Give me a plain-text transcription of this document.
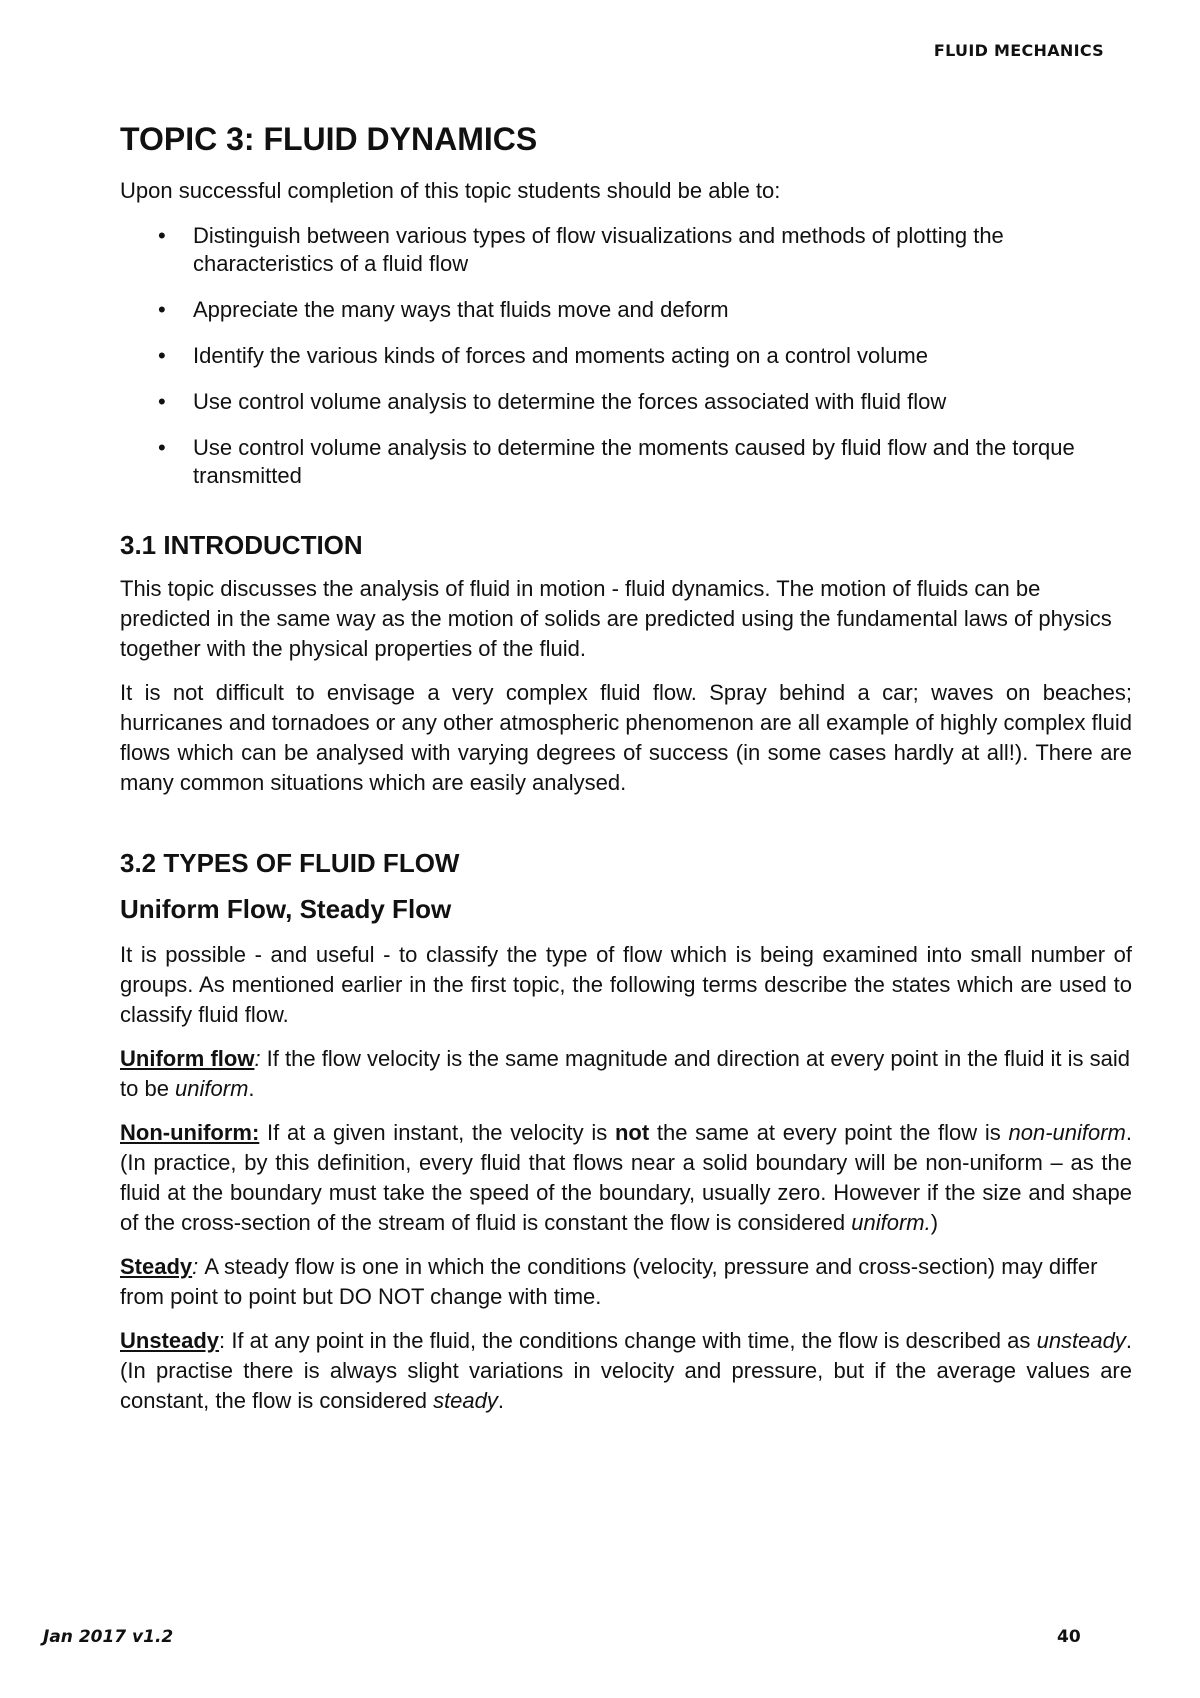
FLUID MECHANICS
TOPIC 3: FLUID DYNAMICS

Upon successful completion of this topic students should be able to:

• Distinguish between various types of flow visualizations and methods of plotting the characteristics of a fluid flow
• Appreciate the many ways that fluids move and deform
• Identify the various kinds of forces and moments acting on a control volume
• Use control volume analysis to determine the forces associated with fluid flow
• Use control volume analysis to determine the moments caused by fluid flow and the torque transmitted
3.1 INTRODUCTION

This topic discusses the analysis of fluid in motion - fluid dynamics. The motion of fluids can be predicted in the same way as the motion of solids are predicted using the fundamental laws of physics together with the physical properties of the fluid.

It is not difficult to envisage a very complex fluid flow. Spray behind a car; waves on beaches; hurricanes and tornadoes or any other atmospheric phenomenon are all example of highly complex fluid flows which can be analysed with varying degrees of success (in some cases hardly at all!). There are many common situations which are easily analysed.

3.2 TYPES OF FLUID FLOW
Uniform Flow, Steady Flow

It is possible - and useful - to classify the type of flow which is being examined into small number of groups. As mentioned earlier in the first topic, the following terms describe the states which are used to classify fluid flow.

Uniform flow: If the flow velocity is the same magnitude and direction at every point in the fluid it is said to be uniform.

Non-uniform: If at a given instant, the velocity is not the same at every point the flow is non-uniform. (In practice, by this definition, every fluid that flows near a solid boundary will be non-uniform – as the fluid at the boundary must take the speed of the boundary, usually zero. However if the size and shape of the cross-section of the stream of fluid is constant the flow is considered uniform.)

Steady: A steady flow is one in which the conditions (velocity, pressure and cross-section) may differ from point to point but DO NOT change with time.

Unsteady: If at any point in the fluid, the conditions change with time, the flow is described as unsteady. (In practise there is always slight variations in velocity and pressure, but if the average values are constant, the flow is considered steady.

Jan 2017 v1.2	40
